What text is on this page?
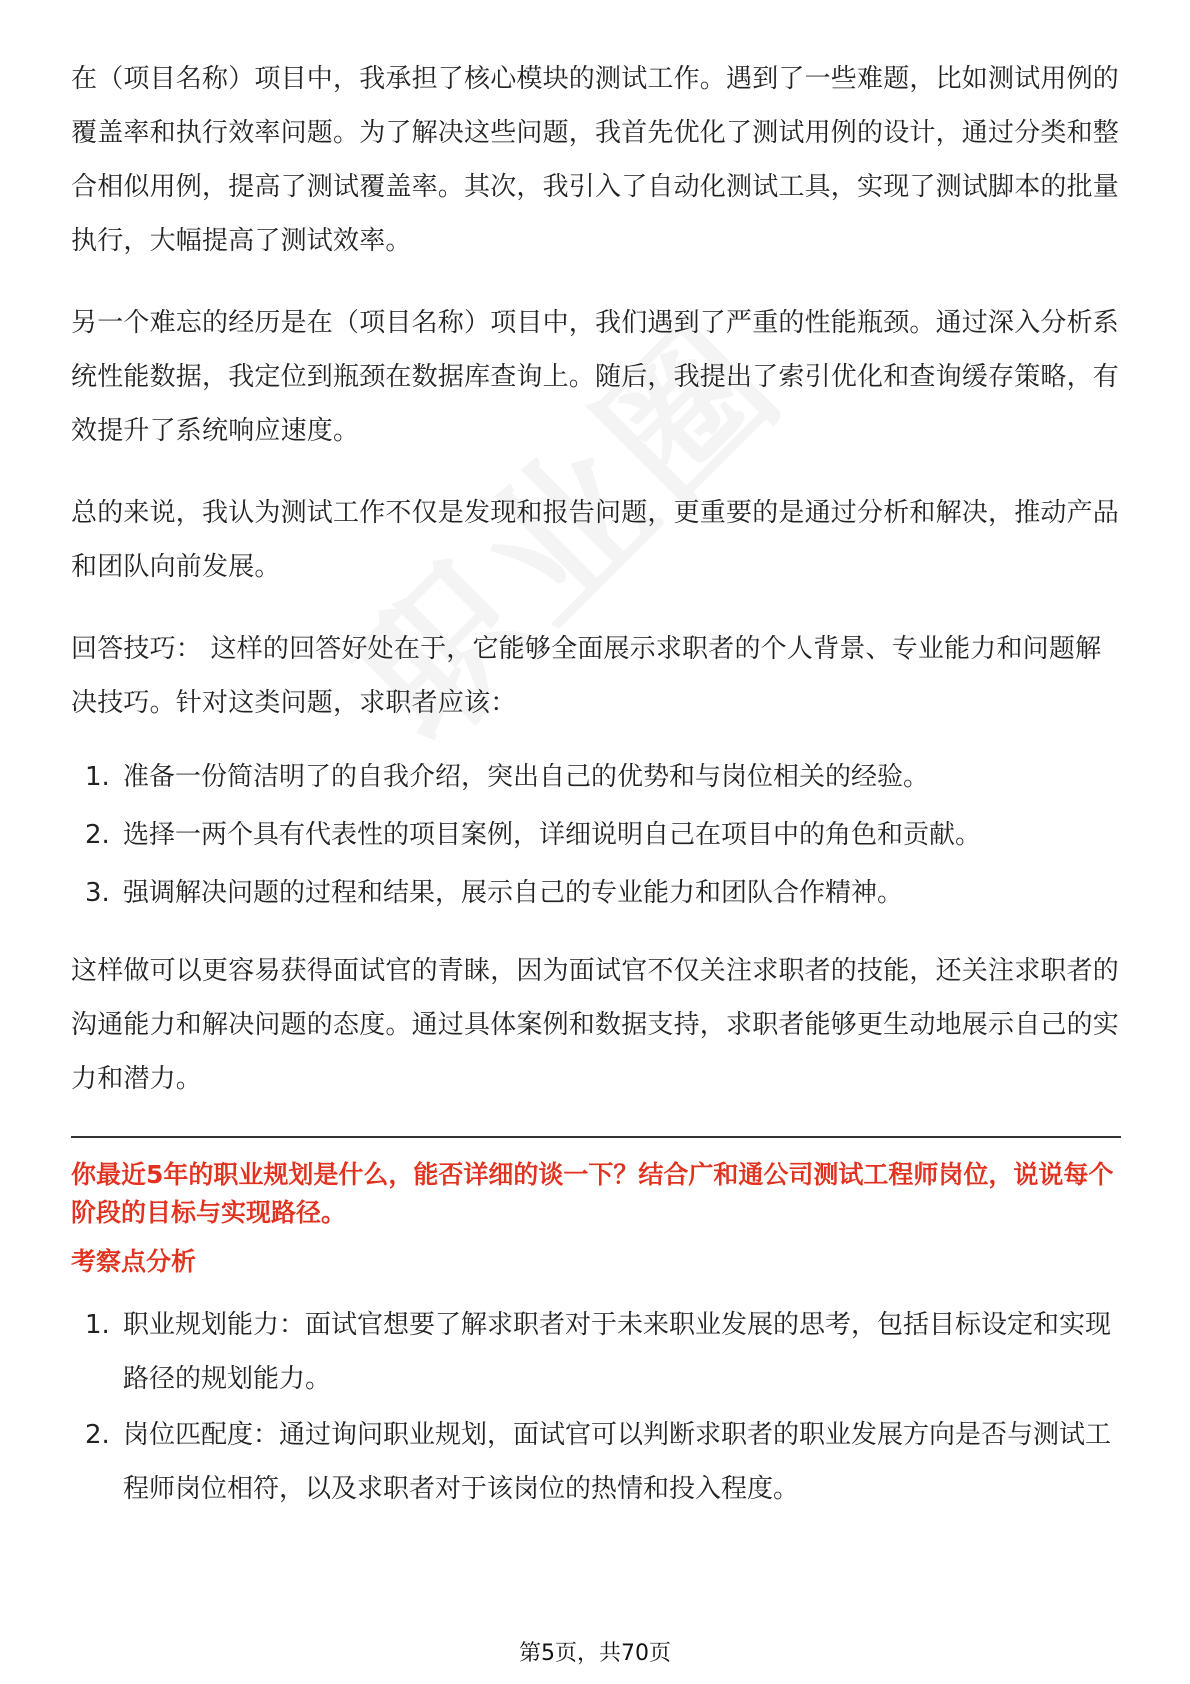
在（项目名称）项目中，我承担了核心模块的测试工作。遇到了一些难题，比如测试用例的覆盖率和执行效率问题。为了解决这些问题，我首先优化了测试用例的设计，通过分类和整合相似用例，提高了测试覆盖率。其次，我引入了自动化测试工具，实现了测试脚本的批量执行，大幅提高了测试效率。

另一个难忘的经历是在（项目名称）项目中，我们遇到了严重的性能瓶颈。通过深入分析系统性能数据，我定位到瓶颈在数据库查询上。随后，我提出了索引优化和查询缓存策略，有效提升了系统响应速度。

总的来说，我认为测试工作不仅是发现和报告问题，更重要的是通过分析和解决，推动产品和团队向前发展。

回答技巧： 这样的回答好处在于，它能够全面展示求职者的个人背景、专业能力和问题解决技巧。针对这类问题，求职者应该：

1. 准备一份简洁明了的自我介绍，突出自己的优势和与岗位相关的经验。
2. 选择一两个具有代表性的项目案例，详细说明自己在项目中的角色和贡献。
3. 强调解决问题的过程和结果，展示自己的专业能力和团队合作精神。

这样做可以更容易获得面试官的青睐，因为面试官不仅关注求职者的技能，还关注求职者的沟通能力和解决问题的态度。通过具体案例和数据支持，求职者能够更生动地展示自己的实力和潜力。

你最近5年的职业规划是什么，能否详细的谈一下？结合广和通公司测试工程师岗位，说说每个阶段的目标与实现路径。
考察点分析
1. 职业规划能力：面试官想要了解求职者对于未来职业发展的思考，包括目标设定和实现路径的规划能力。
2. 岗位匹配度：通过询问职业规划，面试官可以判断求职者的职业发展方向是否与测试工程师岗位相符，以及求职者对于该岗位的热情和投入程度。
第5页，共70页
